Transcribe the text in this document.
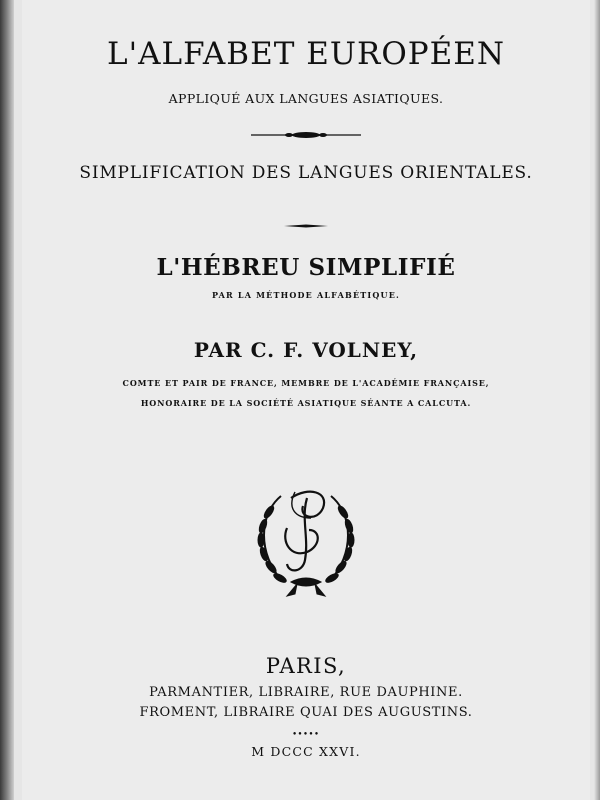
L'ALFABET EUROPÉEN
APPLIQUÉ AUX LANGUES ASIATIQUES.
SIMPLIFICATION DES LANGUES ORIENTALES.
L'HÉBREU SIMPLIFIÉ
PAR LA MÉTHODE ALFABÉTIQUE.
PAR C. F. VOLNEY,
COMTE ET PAIR DE FRANCE, MEMBRE DE L'ACADÉMIE FRANÇAISE,
HONORAIRE DE LA SOCIÉTÉ ASIATIQUE SÉANTE A CALCUTA.
PARIS,
PARMANTIER, LIBRAIRE, RUE DAUPHINE.
FROMENT, LIBRAIRE QUAI DES AUGUSTINS.
•••••
M DCCC XXVI.
